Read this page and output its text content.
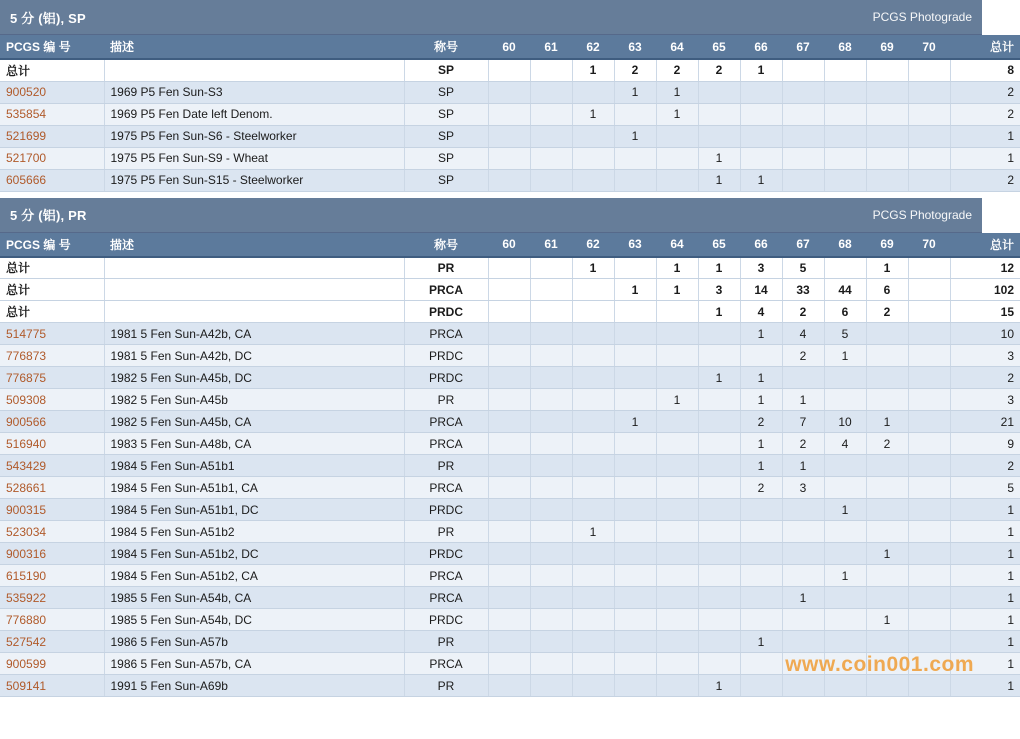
5 分 (铝), SP	PCGS Photograde
PCGS 编 号	描述	称号	60	61	62	63	64	65	66	67	68	69	70	总计
总计		SP			1	2	2	2	1					8
900520	1969 P5 Fen Sun-S3	SP				1	1							2
535854	1969 P5 Fen Date left Denom.	SP			1		1							2
521699	1975 P5 Fen Sun-S6 - Steelworker	SP				1								1
521700	1975 P5 Fen Sun-S9 - Wheat	SP						1						1
605666	1975 P5 Fen Sun-S15 - Steelworker	SP						1	1					2
5 分 (铝), PR	PCGS Photograde
PCGS 编 号	描述	称号	60	61	62	63	64	65	66	67	68	69	70	总计
总计		PR			1		1	1	3	5		1		12
总计		PRCA				1	1	3	14	33	44	6		102
总计		PRDC						1	4	2	6	2		15
514775	1981 5 Fen Sun-A42b, CA	PRCA							1	4	5			10
776873	1981 5 Fen Sun-A42b, DC	PRDC								2	1			3
776875	1982 5 Fen Sun-A45b, DC	PRDC						1	1					2
509308	1982 5 Fen Sun-A45b	PR					1		1	1				3
900566	1982 5 Fen Sun-A45b, CA	PRCA				1			2	7	10	1		21
516940	1983 5 Fen Sun-A48b, CA	PRCA							1	2	4	2		9
543429	1984 5 Fen Sun-A51b1	PR							1	1				2
528661	1984 5 Fen Sun-A51b1, CA	PRCA							2	3				5
900315	1984 5 Fen Sun-A51b1, DC	PRDC									1			1
523034	1984 5 Fen Sun-A51b2	PR			1									1
900316	1984 5 Fen Sun-A51b2, DC	PRDC										1		1
615190	1984 5 Fen Sun-A51b2, CA	PRCA									1			1
535922	1985 5 Fen Sun-A54b, CA	PRCA								1				1
776880	1985 5 Fen Sun-A54b, DC	PRDC										1		1
527542	1986 5 Fen Sun-A57b	PR							1					1
900599	1986 5 Fen Sun-A57b, CA	PRCA												1
509141	1991 5 Fen Sun-A69b	PR						1						1
www.coin001.com
